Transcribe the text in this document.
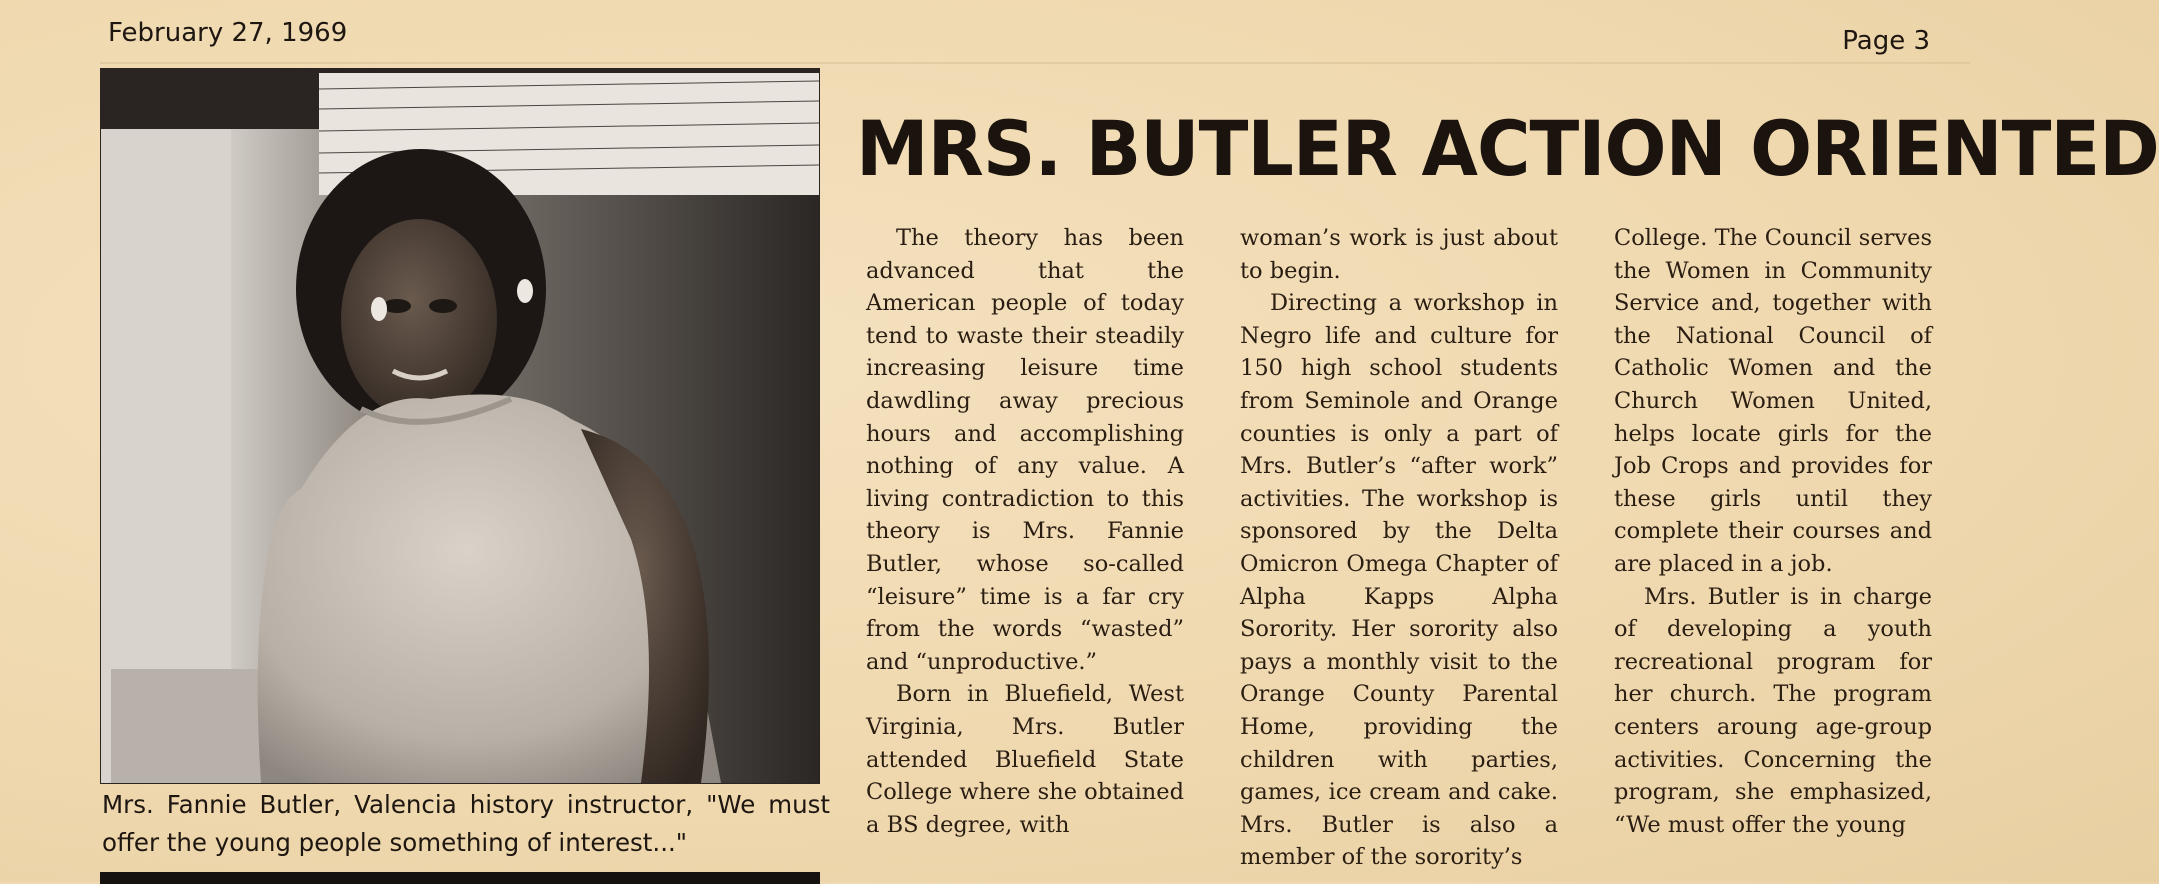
February 27, 1969	Page 3
Mrs. Fannie Butler, Valencia history instructor, "We must offer the young people something of interest..."
MRS. BUTLER ACTION ORIENTED

The theory has been advanced that the American people of today tend to waste their steadily increasing leisure time dawdling away precious hours and accomplishing nothing of any value. A living contradiction to this theory is Mrs. Fannie Butler, whose so-called “leisure” time is a far cry from the words “wasted” and “unproductive.”

Born in Bluefield, West Virginia, Mrs. Butler attended Bluefield State College where she obtained a BS degree, with

woman’s work is just about to begin.

Directing a workshop in Negro life and culture for 150 high school students from Seminole and Orange counties is only a part of Mrs. Butler’s “after work” activities. The workshop is sponsored by the Delta Omicron Omega Chapter of Alpha Kapps Alpha Sorority. Her sorority also pays a monthly visit to the Orange County Parental Home, providing the children with parties, games, ice cream and cake. Mrs. Butler is also a member of the sorority’s

College. The Council serves the Women in Community Service and, together with the National Council of Catholic Women and the Church Women United, helps locate girls for the Job Crops and provides for these girls until they complete their courses and are placed in a job.

Mrs. Butler is in charge of developing a youth recreational program for her church. The program centers aroung age-group activities. Concerning the program, she emphasized, “We must offer the young
